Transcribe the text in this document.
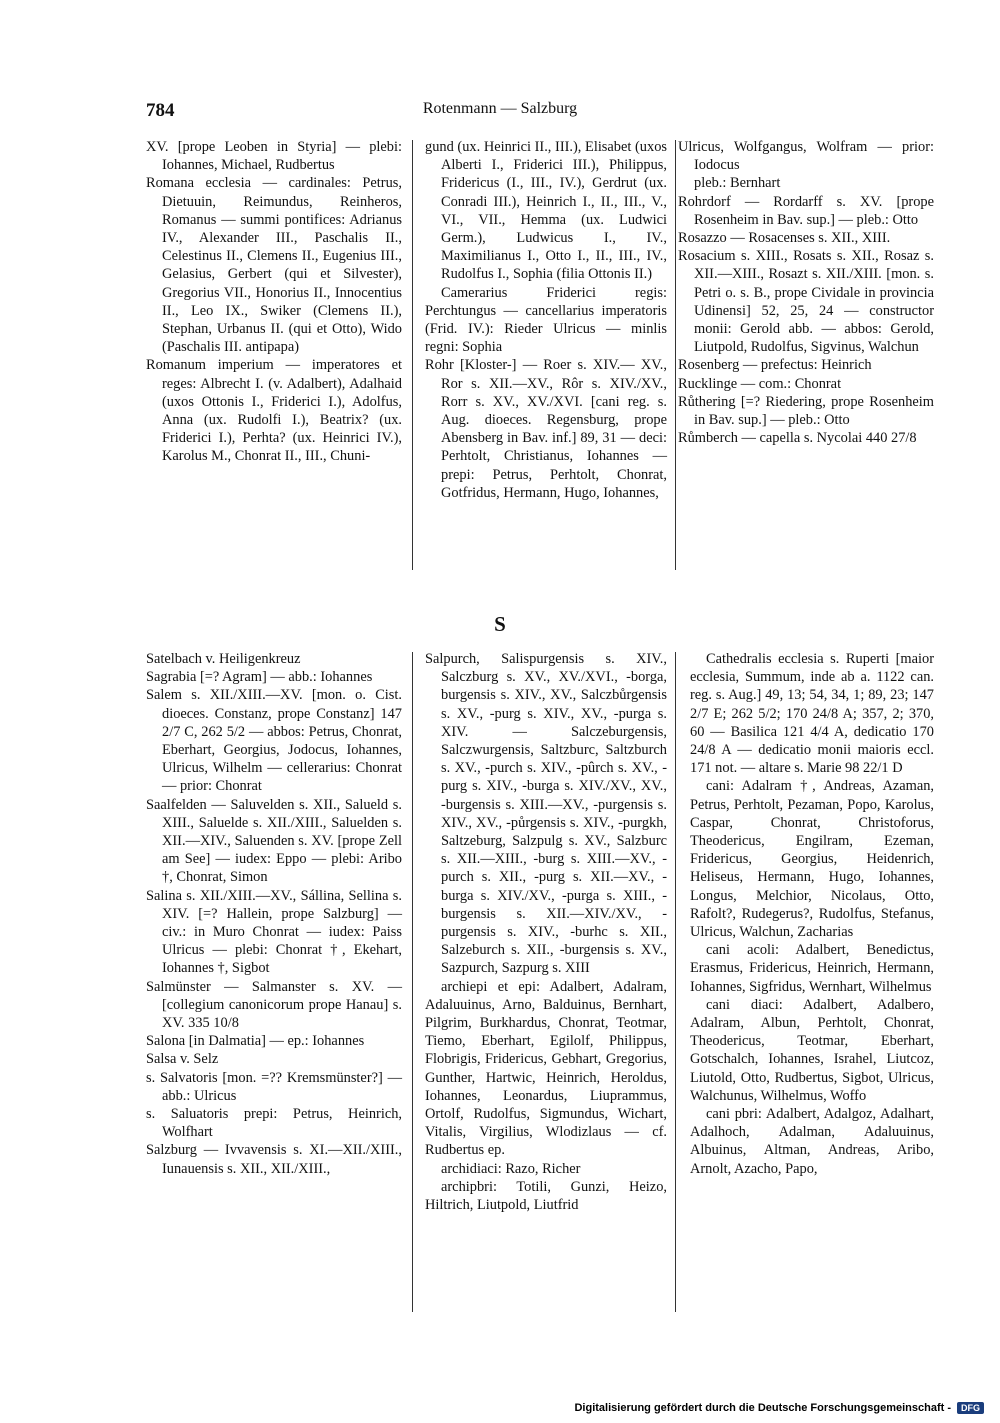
784	Rotenmann — Salzburg

XV. [prope Leoben in Styria] — plebi: Iohannes, Michael, Rudbertus

Romana ecclesia — cardinales: Petrus, Dietuuin, Reimundus, Reinheros, Romanus — summi pontifices: Adrianus IV., Alexander III., Paschalis II., Celestinus II., Clemens II., Eugenius III., Gelasius, Gerbert (qui et Silvester), Gregorius VII., Honorius II., Innocentius II., Leo IX., Swiker (Clemens II.), Stephan, Urbanus II. (qui et Otto), Wido (Paschalis III. antipapa)

Romanum imperium — imperatores et reges: Albrecht I. (v. Adalbert), Adalhaid (uxos Ottonis I., Friderici I.), Adolfus, Anna (ux. Rudolfi I.), Beatrix? (ux. Friderici I.), Perhta? (ux. Heinrici IV.), Karolus M., Chonrat II., III., Chuni-

gund (ux. Heinrici II., III.), Elisabet (uxos Alberti I., Friderici III.), Philippus, Fridericus (I., III., IV.), Gerdrut (ux. Conradi III.), Heinrich I., II., III., V., VI., VII., Hemma (ux. Ludwici Germ.), Ludwicus I., IV., Maximilianus I., Otto I., II., III., IV., Rudolfus I., Sophia (filia Ottonis II.)

Camerarius Friderici regis: Perchtungus — cancellarius imperatoris (Frid. IV.): Rieder Ulricus — minlis regni: Sophia

Rohr [Kloster-] — Roer s. XIV.— XV., Ror s. XII.—XV., Rôr s. XIV./XV., Rorr s. XV., XV./XVI. [cani reg. s. Aug. dioeces. Regensburg, prope Abensberg in Bav. inf.] 89, 31 — deci: Perhtolt, Christianus, Iohannes — prepi: Petrus, Perhtolt, Chonrat, Gotfridus, Hermann, Hugo, Iohannes,

Ulricus, Wolfgangus, Wolfram — prior: Iodocus

pleb.: Bernhart

Rohrdorf — Rordarff s. XV. [prope Rosenheim in Bav. sup.] — pleb.: Otto

Rosazzo — Rosacenses s. XII., XIII.

Rosacium s. XIII., Rosats s. XII., Rosaz s. XII.—XIII., Rosazt s. XII./XIII. [mon. s. Petri o. s. B., prope Cividale in provincia Udinensi] 52, 25, 24 — constructor monii: Gerold abb. — abbos: Gerold, Liutpold, Rudolfus, Sigvinus, Walchun

Rosenberg — prefectus: Heinrich

Rucklinge — com.: Chonrat

Růthering [=? Riedering, prope Rosenheim in Bav. sup.] — pleb.: Otto

Růmberch — capella s. Nycolai 440 27/8

S

Satelbach v. Heiligenkreuz

Sagrabia [=? Agram] — abb.: Iohannes

Salem s. XII./XIII.—XV. [mon. o. Cist. dioeces. Constanz, prope Constanz] 147 2/7 C, 262 5/2 — abbos: Petrus, Chonrat, Eberhart, Georgius, Jodocus, Iohannes, Ulricus, Wilhelm — cellerarius: Chonrat — prior: Chonrat

Saalfelden — Saluvelden s. XII., Salueld s. XIII., Saluelde s. XII./XIII., Saluelden s. XII.—XIV., Saluenden s. XV. [prope Zell am See] — iudex: Eppo — plebi: Aribo †, Chonrat, Simon

Salina s. XII./XIII.—XV., Sállina, Sellina s. XIV. [=? Hallein, prope Salzburg] — civ.: in Muro Chonrat — iudex: Paiss Ulricus — plebi: Chonrat †, Ekehart, Iohannes †, Sigbot

Salmünster — Salmanster s. XV. — [collegium canonicorum prope Hanau] s. XV. 335 10/8

Salona [in Dalmatia] — ep.: Iohannes

Salsa v. Selz

s. Salvatoris [mon. =?? Kremsmünster?] — abb.: Ulricus

s. Saluatoris prepi: Petrus, Heinrich, Wolfhart

Salzburg — Ivvavensis s. XI.—XII./XIII., Iunauensis s. XII., XII./XIII.,

Salpurch, Salispurgensis s. XIV., Salczburg s. XV., XV./XVI., -borga, burgensis s. XIV., XV., Salczbůrgensis s. XV., -purg s. XIV., XV., -purga s. XIV. — Salczeburgensis, Salczwurgensis, Saltzburc, Saltzburch s. XV., -purch s. XIV., -pûrch s. XV., -purg s. XIV., -burga s. XIV./XV., XV., -burgensis s. XIII.—XV., -purgensis s. XIV., XV., -půrgensis s. XIV., -purgkh, Saltzeburg, Salzpulg s. XV., Salzburc s. XII.—XIII., -burg s. XIII.—XV., -purch s. XII., -purg s. XII.—XV., -burga s. XIV./XV., -purga s. XIII., -burgensis s. XII.—XIV./XV., -purgensis s. XIV., -burhc s. XII., Salzeburch s. XII., -burgensis s. XV., Sazpurch, Sazpurg s. XIII

archiepi et epi: Adalbert, Adalram, Adaluuinus, Arno, Balduinus, Bernhart, Pilgrim, Burkhardus, Chonrat, Teotmar, Tiemo, Eberhart, Egilolf, Philippus, Flobrigis, Fridericus, Gebhart, Gregorius, Gunther, Hartwic, Heinrich, Heroldus, Iohannes, Leonardus, Liuprammus, Ortolf, Rudolfus, Sigmundus, Wichart, Vitalis, Virgilius, Wlodizlaus — cf. Rudbertus ep.

archidiaci: Razo, Richer

archipbri: Totili, Gunzi, Heizo, Hiltrich, Liutpold, Liutfrid

Cathedralis ecclesia s. Ruperti [maior ecclesia, Summum, inde ab a. 1122 can. reg. s. Aug.] 49, 13; 54, 34, 1; 89, 23; 147 2/7 E; 262 5/2; 170 24/8 A; 357, 2; 370, 60 — Basilica 121 4/4 A, dedicatio 170 24/8 A — dedicatio monii maioris eccl. 171 not. — altare s. Marie 98 22/1 D

cani: Adalram †, Andreas, Azaman, Petrus, Perhtolt, Pezaman, Popo, Karolus, Caspar, Chonrat, Christoforus, Theodericus, Engilram, Ezeman, Fridericus, Georgius, Heidenrich, Heliseus, Hermann, Hugo, Iohannes, Longus, Melchior, Nicolaus, Otto, Rafolt?, Rudegerus?, Rudolfus, Stefanus, Ulricus, Walchun, Zacharias

cani acoli: Adalbert, Benedictus, Erasmus, Fridericus, Heinrich, Hermann, Iohannes, Sigfridus, Wernhart, Wilhelmus

cani diaci: Adalbert, Adalbero, Adalram, Albun, Perhtolt, Chonrat, Theodericus, Teotmar, Eberhart, Gotschalch, Iohannes, Israhel, Liutcoz, Liutold, Otto, Rudbertus, Sigbot, Ulricus, Walchunus, Wilhelmus, Woffo

cani pbri: Adalbert, Adalgoz, Adalhart, Adalhoch, Adalman, Adaluuinus, Albuinus, Altman, Andreas, Aribo, Arnolt, Azacho, Papo,

Digitalisierung gefördert durch die Deutsche Forschungsgemeinschaft -	DFG
